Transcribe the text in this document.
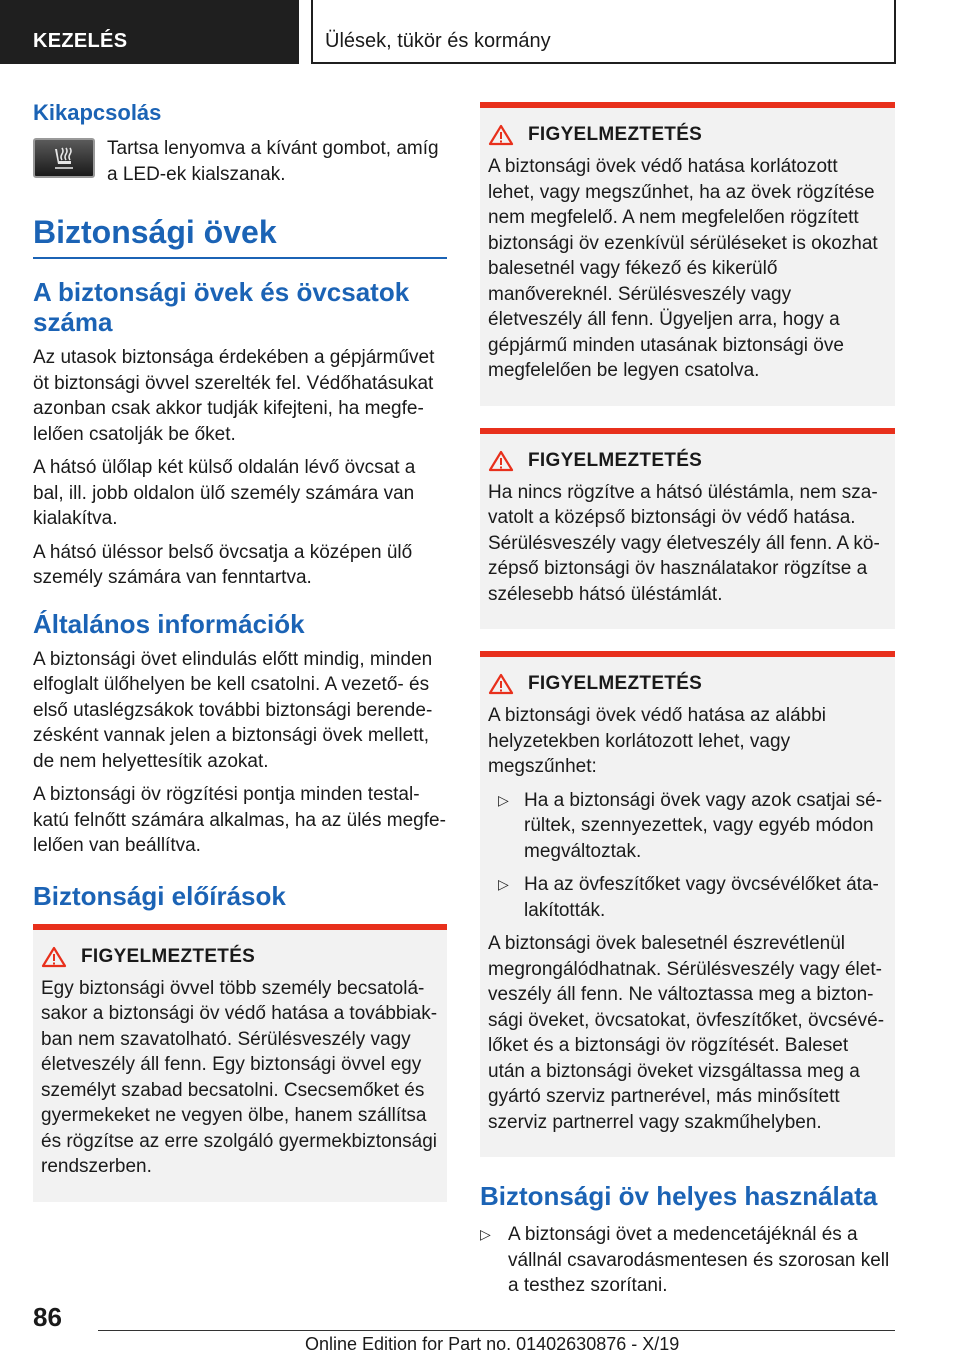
KEZELÉS	Ülések, tükör és kormány
Kikapcsolás
Tartsa lenyomva a kívánt gombot, amíg a LED-ek kialszanak.
Biztonsági övek
A biztonsági övek és övcsatok száma

Az utasok biztonsága érdekében a gépjárművet öt biztonsági övvel szerelték fel. Védőhatásukat azonban csak akkor tudják kifejteni, ha megfelelően csatolják be őket.

A hátsó ülőlap két külső oldalán lévő övcsat a bal, ill. jobb oldalon ülő személy számára van kialakítva.

A hátsó üléssor belső övcsatja a középen ülő személy számára van fenntartva.

Általános információk

A biztonsági övet elindulás előtt mindig, minden elfoglalt ülőhelyen be kell csatolni. A vezető- és első utaslégzsákok további biztonsági berendezésként vannak jelen a biztonsági övek mellett, de nem helyettesítik azokat.

A biztonsági öv rögzítési pontja minden testalkatú felnőtt számára alkalmas, ha az ülés megfelelően van beállítva.

Biztonsági előírások
FIGYELMEZTETÉS

Egy biztonsági övvel több személy becsatolásakor a biztonsági öv védő hatása a továbbiakban nem szavatolható. Sérülésveszély vagy életveszély áll fenn. Egy biztonsági övvel egy személyt szabad becsatolni. Csecsemőket és gyermekeket ne vegyen ölbe, hanem szállítsa és rögzítse az erre szolgáló gyermekbiztonsági rendszerben.

FIGYELMEZTETÉS

A biztonsági övek védő hatása korlátozott lehet, vagy megszűnhet, ha az övek rögzítése nem megfelelő. A nem megfelelően rögzített biztonsági öv ezenkívül sérüléseket is okozhat balesetnél vagy fékező és kikerülő manővereknél. Sérülésveszély vagy életveszély áll fenn. Ügyeljen arra, hogy a gépjármű minden utasának biztonsági öve megfelelően be legyen csatolva.

FIGYELMEZTETÉS

Ha nincs rögzítve a hátsó üléstámla, nem szavatolt a középső biztonsági öv védő hatása. Sérülésveszély vagy életveszély áll fenn. A középső biztonsági öv használatakor rögzítse a szélesebb hátsó üléstámlát.

FIGYELMEZTETÉS

A biztonsági övek védő hatása az alábbi helyzetekben korlátozott lehet, vagy megszűnhet:

▷ Ha a biztonsági övek vagy azok csatjai sérültek, szennyezettek, vagy egyéb módon megváltoztak.
▷ Ha az övfeszítőket vagy övcsévélőket átalakították.

A biztonsági övek balesetnél észrevétlenül megrongálódhatnak. Sérülésveszély vagy életveszély áll fenn. Ne változtassa meg a biztonsági öveket, övcsatokat, övfeszítőket, övcsévélőket és a biztonsági öv rögzítését. Baleset után a biztonsági öveket vizsgáltassa meg a gyártó szerviz partnerével, más minősített szerviz partnerrel vagy szakműhelyben.

Biztonsági öv helyes használata
▷ A biztonsági övet a medencetájéknál és a vállnál csavarodásmentesen és szorosan kell a testhez szorítani.
86
Online Edition for Part no. 01402630876 - X/19
